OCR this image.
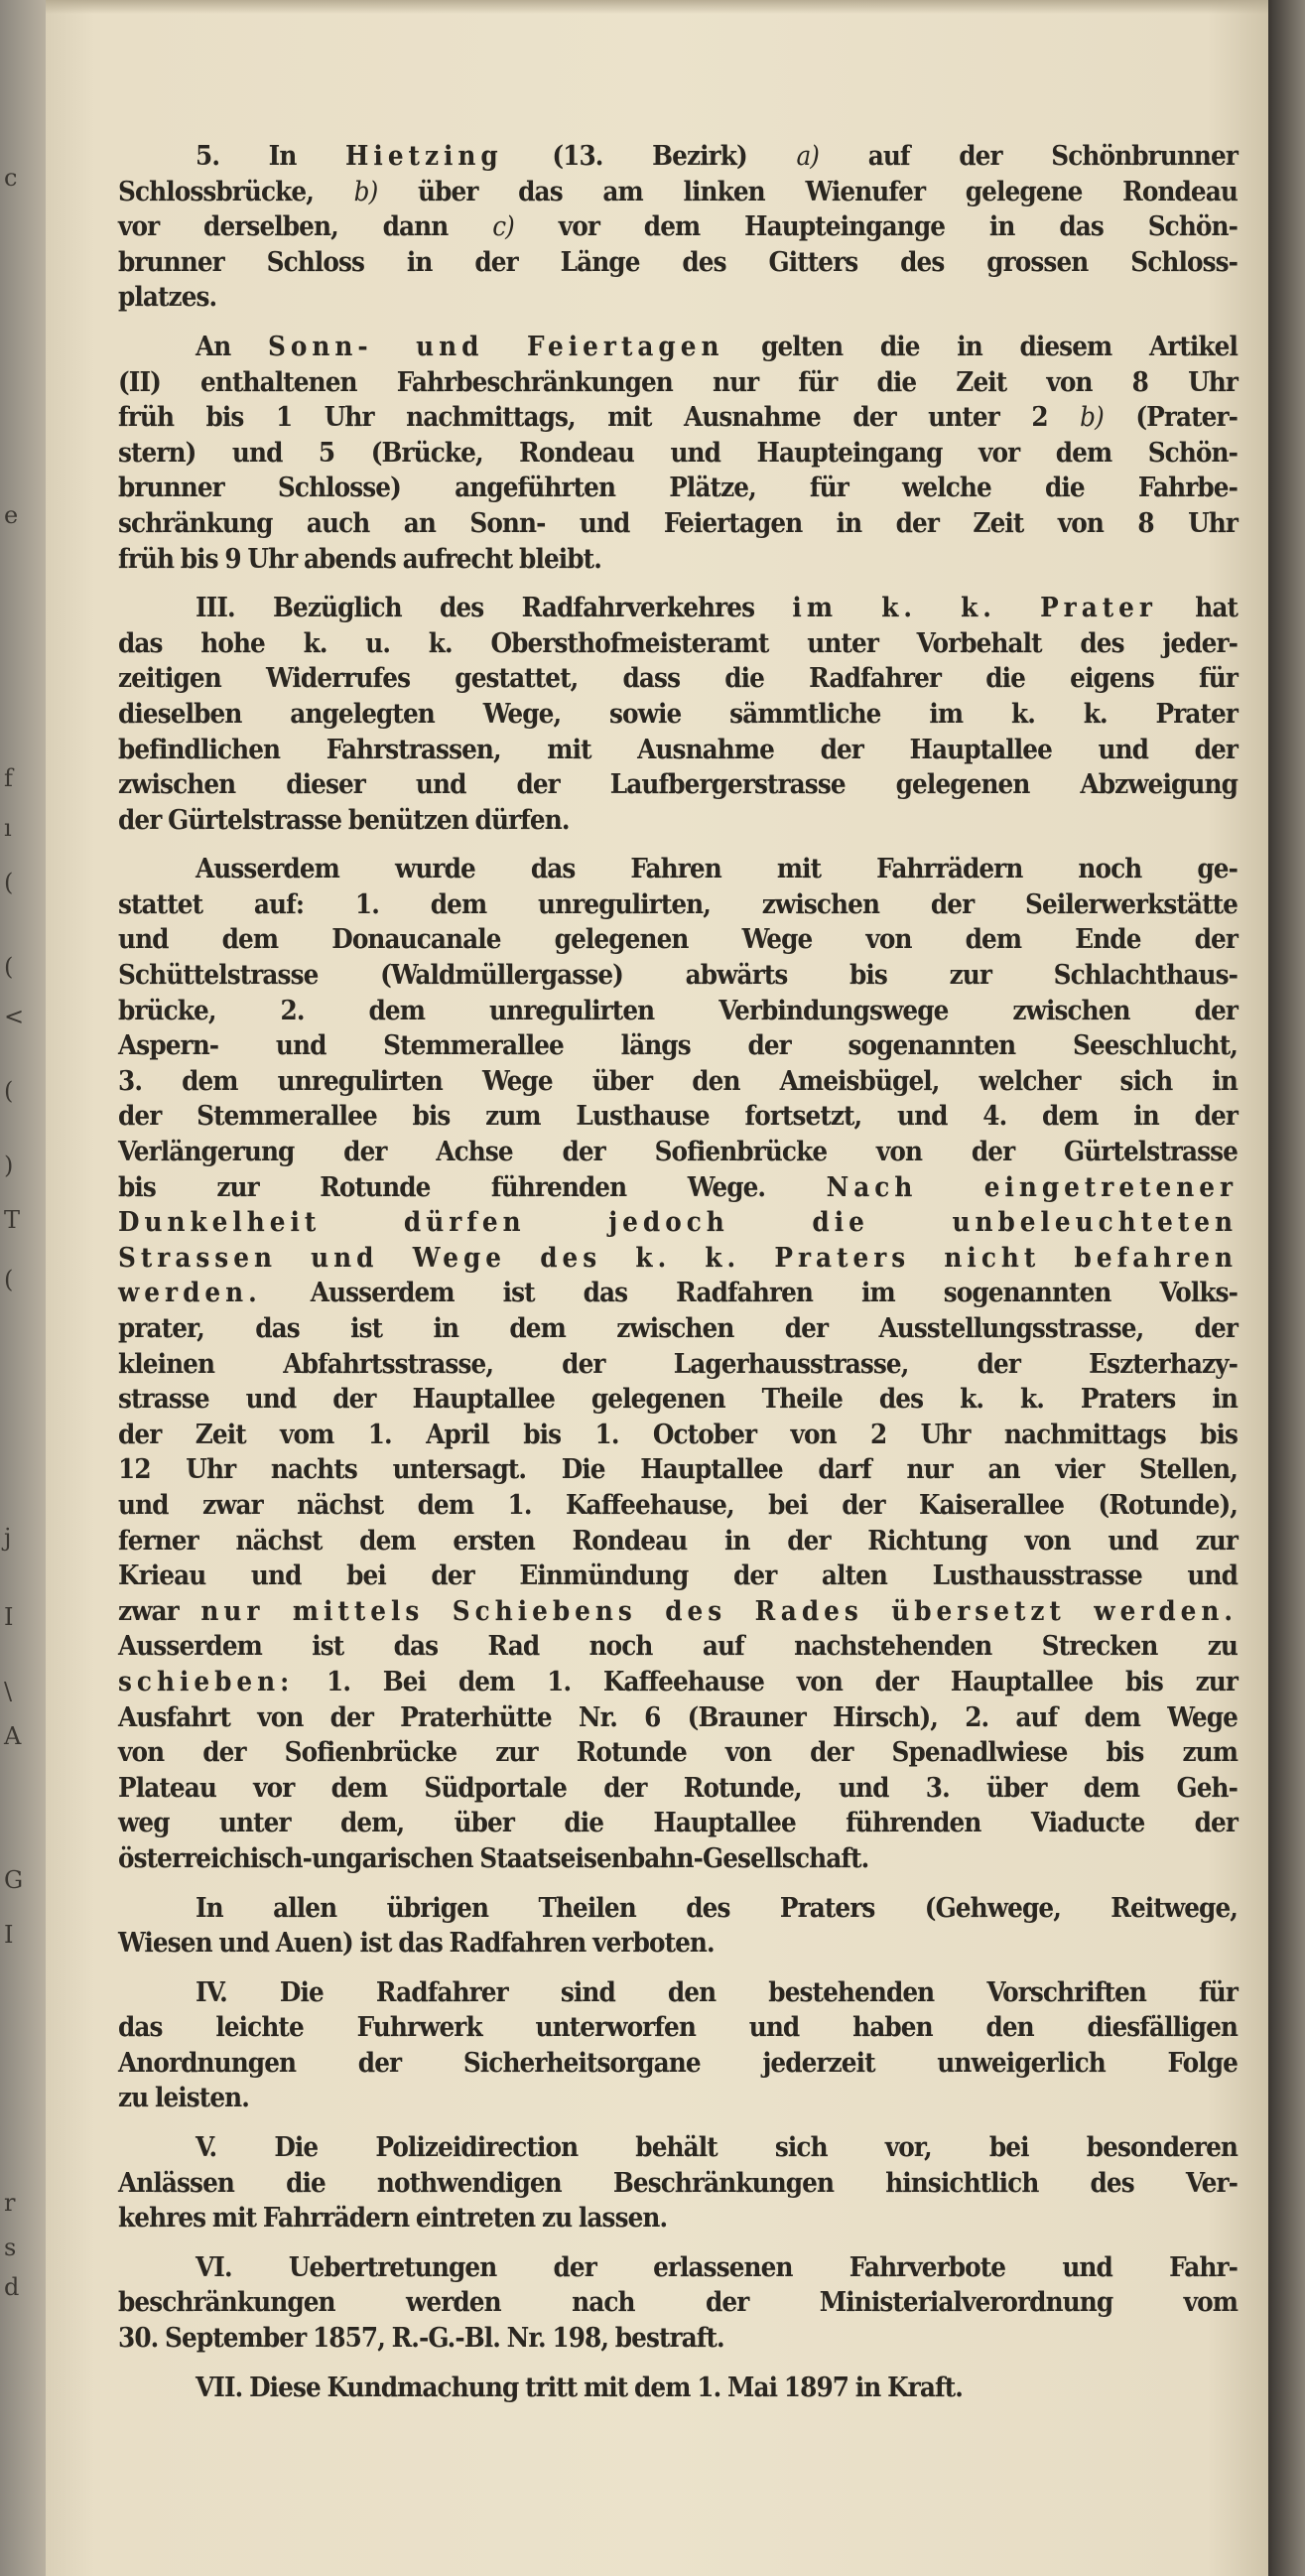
c
e
f
ı
(
(
<
(
)
T
(
j
I
\
A
G
I
r
s
d
5. In Hietzing (13. Bezirk) a) auf der Schönbrunner
Schlossbrücke, b) über das am linken Wienufer gelegene Rondeau
vor derselben, dann c) vor dem Haupteingange in das Schön-
brunner Schloss in der Länge des Gitters des grossen Schloss-
platzes.
An Sonn- und Feiertagen gelten die in diesem Artikel
(II) enthaltenen Fahrbeschränkungen nur für die Zeit von 8 Uhr
früh bis 1 Uhr nachmittags, mit Ausnahme der unter 2 b) (Prater-
stern) und 5 (Brücke, Rondeau und Haupteingang vor dem Schön-
brunner Schlosse) angeführten Plätze, für welche die Fahrbe-
schränkung auch an Sonn- und Feiertagen in der Zeit von 8 Uhr
früh bis 9 Uhr abends aufrecht bleibt.
III. Bezüglich des Radfahrverkehres im k. k. Prater hat
das hohe k. u. k. Obersthofmeisteramt unter Vorbehalt des jeder-
zeitigen Widerrufes gestattet, dass die Radfahrer die eigens für
dieselben angelegten Wege, sowie sämmtliche im k. k. Prater
befindlichen Fahrstrassen, mit Ausnahme der Hauptallee und der
zwischen dieser und der Laufbergerstrasse gelegenen Abzweigung
der Gürtelstrasse benützen dürfen.
Ausserdem wurde das Fahren mit Fahrrädern noch ge-
stattet auf: 1. dem unregulirten, zwischen der Seilerwerkstätte
und dem Donaucanale gelegenen Wege von dem Ende der
Schüttelstrasse (Waldmüllergasse) abwärts bis zur Schlachthaus-
brücke, 2. dem unregulirten Verbindungswege zwischen der
Aspern- und Stemmerallee längs der sogenannten Seeschlucht,
3. dem unregulirten Wege über den Ameisbügel, welcher sich in
der Stemmerallee bis zum Lusthause fortsetzt, und 4. dem in der
Verlängerung der Achse der Sofienbrücke von der Gürtelstrasse
bis zur Rotunde führenden Wege. Nach eingetretener
Dunkelheit dürfen jedoch die unbeleuchteten
Strassen und Wege des k. k. Praters nicht befahren
werden. Ausserdem ist das Radfahren im sogenannten Volks-
prater, das ist in dem zwischen der Ausstellungsstrasse, der
kleinen Abfahrtsstrasse, der Lagerhausstrasse, der Eszterhazy-
strasse und der Hauptallee gelegenen Theile des k. k. Praters in
der Zeit vom 1. April bis 1. October von 2 Uhr nachmittags bis
12 Uhr nachts untersagt. Die Hauptallee darf nur an vier Stellen,
und zwar nächst dem 1. Kaffeehause, bei der Kaiserallee (Rotunde),
ferner nächst dem ersten Rondeau in der Richtung von und zur
Krieau und bei der Einmündung der alten Lusthausstrasse und
zwar nur mittels Schiebens des Rades übersetzt werden.
Ausserdem ist das Rad noch auf nachstehenden Strecken zu
schieben: 1. Bei dem 1. Kaffeehause von der Hauptallee bis zur
Ausfahrt von der Praterhütte Nr. 6 (Brauner Hirsch), 2. auf dem Wege
von der Sofienbrücke zur Rotunde von der Spenadlwiese bis zum
Plateau vor dem Südportale der Rotunde, und 3. über dem Geh-
weg unter dem, über die Hauptallee führenden Viaducte der
österreichisch-ungarischen Staatseisenbahn-Gesellschaft.
In allen übrigen Theilen des Praters (Gehwege, Reitwege,
Wiesen und Auen) ist das Radfahren verboten.
IV. Die Radfahrer sind den bestehenden Vorschriften für
das leichte Fuhrwerk unterworfen und haben den diesfälligen
Anordnungen der Sicherheitsorgane jederzeit unweigerlich Folge
zu leisten.
V. Die Polizeidirection behält sich vor, bei besonderen
Anlässen die nothwendigen Beschränkungen hinsichtlich des Ver-
kehres mit Fahrrädern eintreten zu lassen.
VI. Uebertretungen der erlassenen Fahrverbote und Fahr-
beschränkungen werden nach der Ministerialverordnung vom
30. September 1857, R.-G.-Bl. Nr. 198, bestraft.
VII. Diese Kundmachung tritt mit dem 1. Mai 1897 in Kraft.
